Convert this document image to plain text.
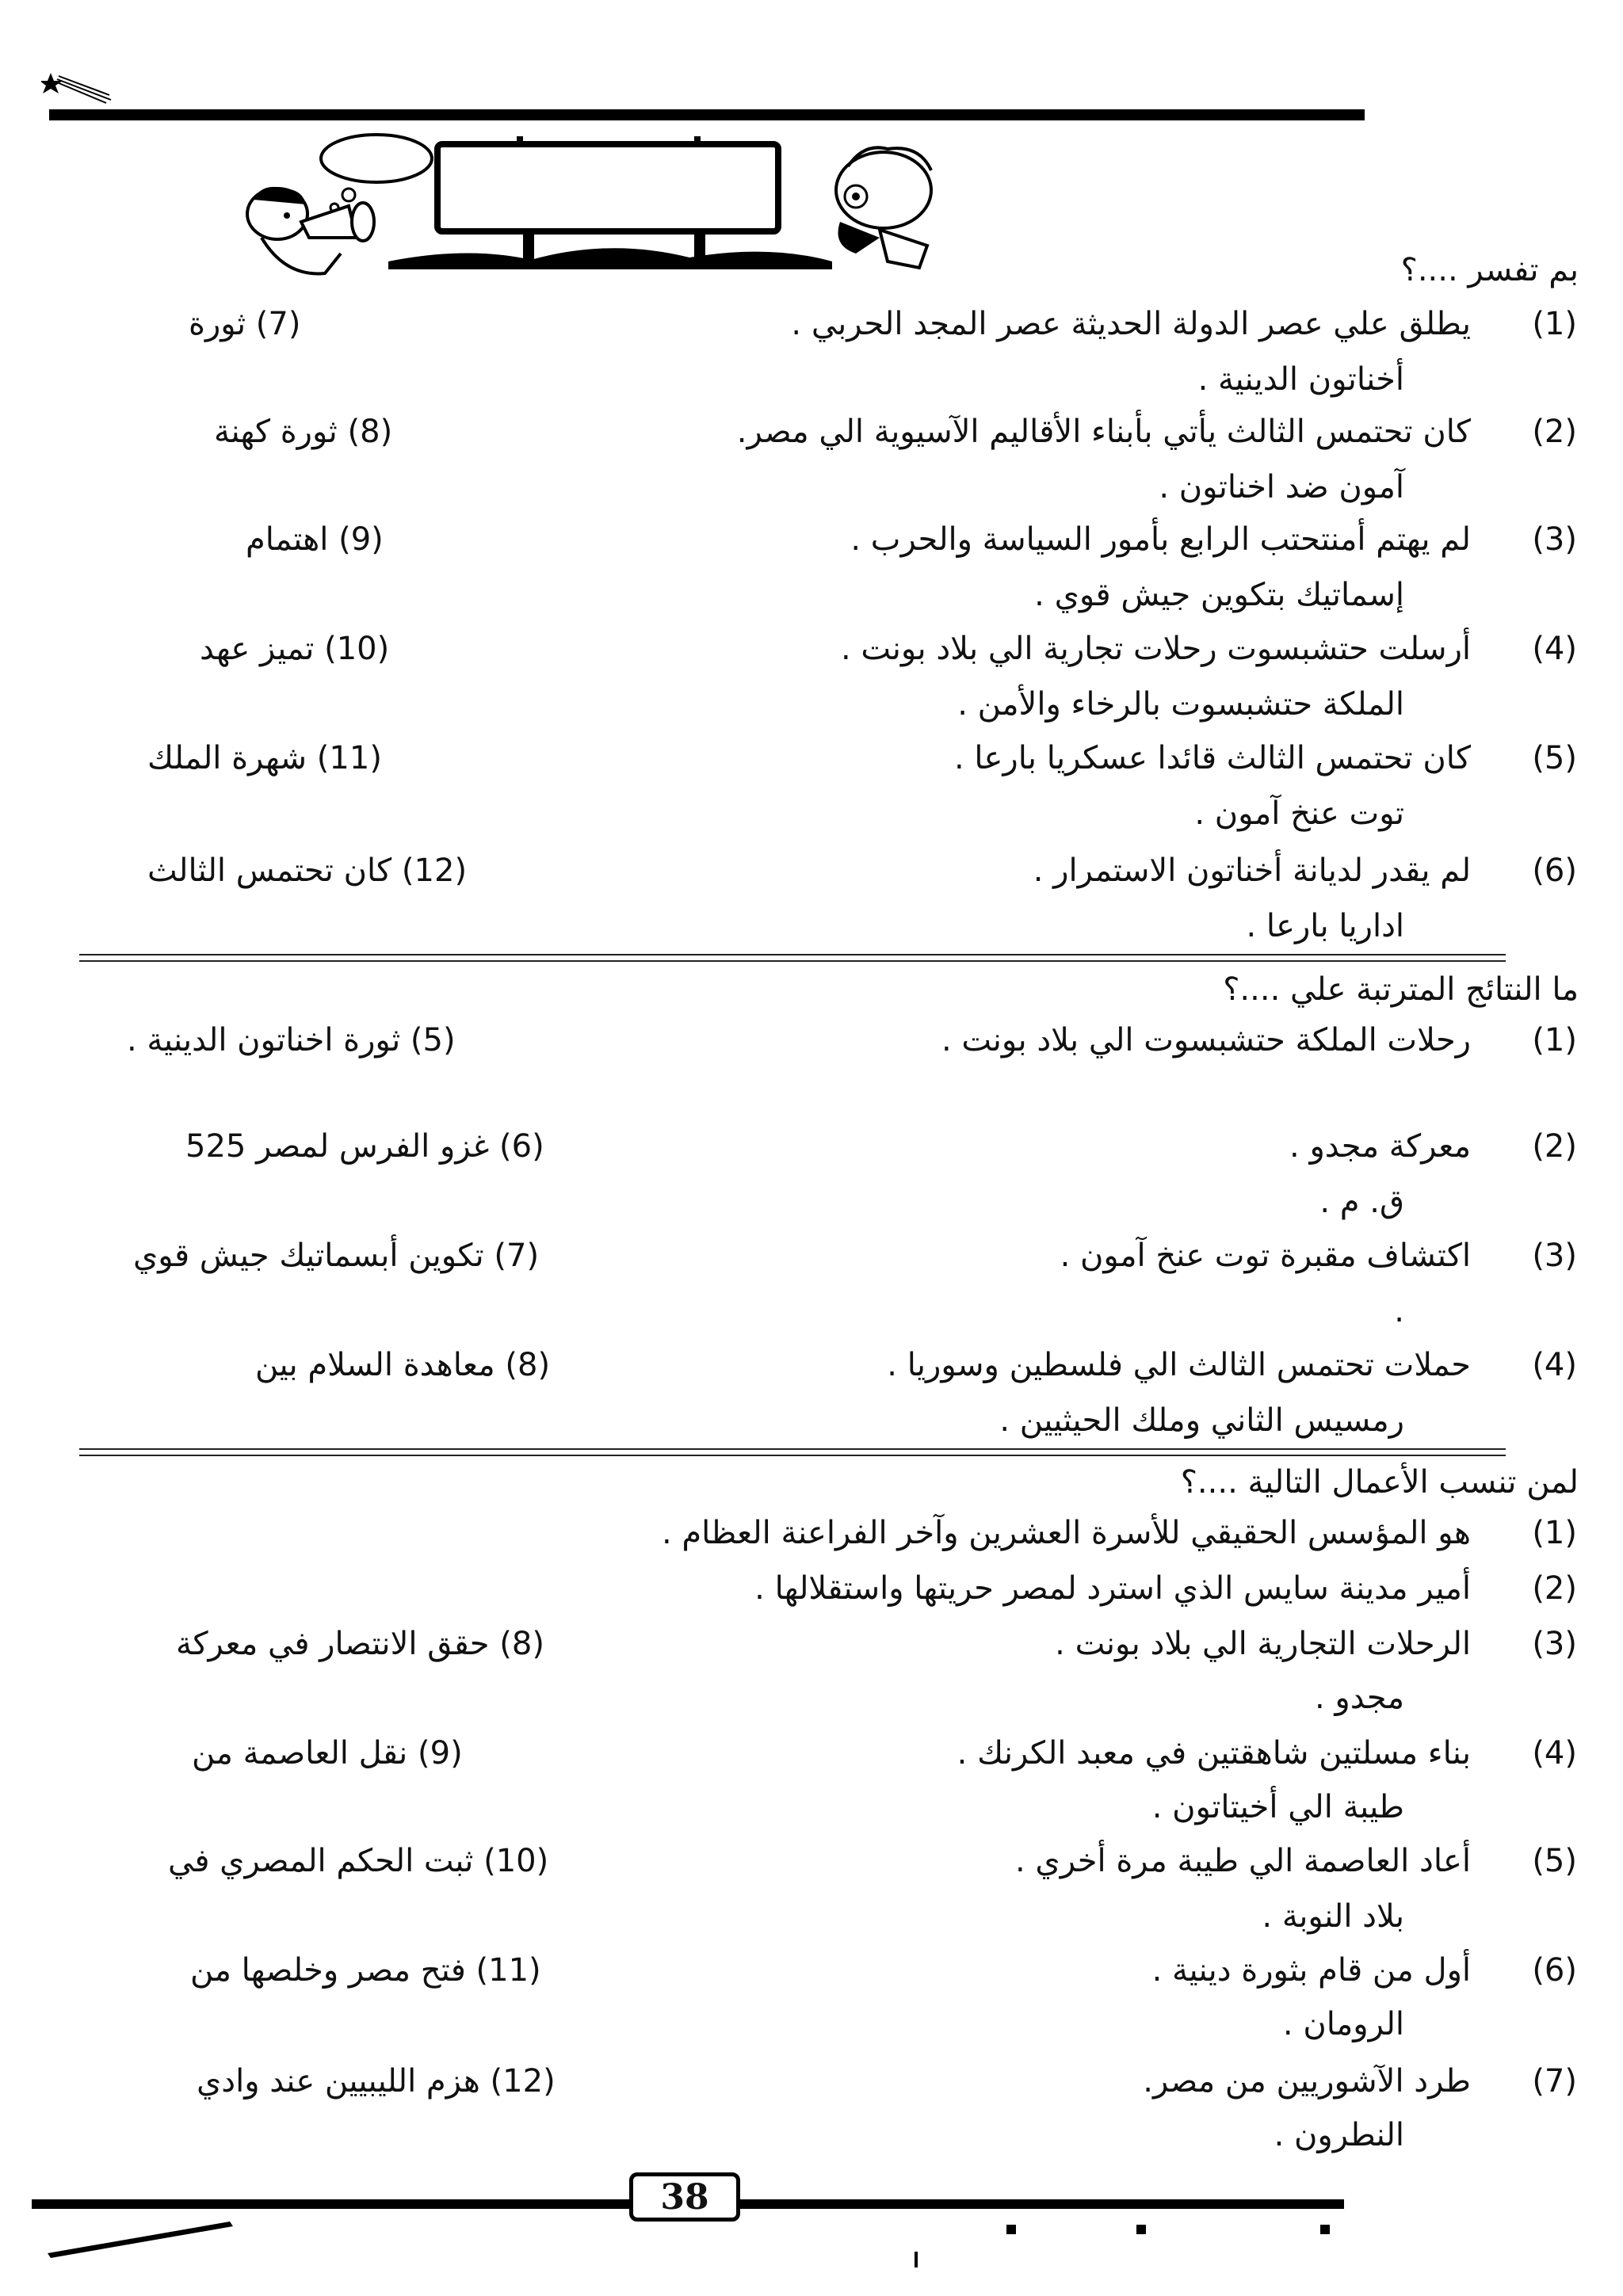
بم تفسر ....؟
(1)
يطلق علي عصر الدولة الحديثة عصر المجد الحربي .
(7) ثورة
أخناتون الدينية .
(2)
كان تحتمس الثالث يأتي بأبناء الأقاليم الآسيوية الي مصر.
(8) ثورة كهنة
آمون ضد اخناتون .
(3)
لم يهتم أمنتحتب الرابع بأمور السياسة والحرب .
(9) اهتمام
إسماتيك بتكوين جيش قوي .
(4)
أرسلت حتشبسوت رحلات تجارية الي بلاد بونت .
(10) تميز عهد
الملكة حتشبسوت بالرخاء والأمن .
(5)
كان تحتمس الثالث قائدا عسكريا بارعا .
(11) شهرة الملك
توت عنخ آمون .
(6)
لم يقدر لديانة أخناتون الاستمرار .
(12) كان تحتمس الثالث
اداريا بارعا .
ما النتائج المترتبة علي ....؟
(1)
رحلات الملكة حتشبسوت الي بلاد بونت .
(5) ثورة اخناتون الدينية .
(2)
معركة مجدو .
(6) غزو الفرس لمصر 525
ق. م .
(3)
اكتشاف مقبرة توت عنخ آمون .
(7) تكوين أبسماتيك جيش قوي
.
(4)
حملات تحتمس الثالث الي فلسطين وسوريا .
(8) معاهدة السلام بين
رمسيس الثاني وملك الحيثيين .
لمن تنسب الأعمال التالية ....؟
(1)
هو المؤسس الحقيقي للأسرة العشرين وآخر الفراعنة العظام .
(2)
أمير مدينة سايس الذي استرد لمصر حريتها واستقلالها .
(3)
الرحلات التجارية الي بلاد بونت .
(8) حقق الانتصار في معركة
مجدو .
(4)
بناء مسلتين شاهقتين في معبد الكرنك .
(9) نقل العاصمة من
طيبة الي أخيتاتون .
(5)
أعاد العاصمة الي طيبة مرة أخري .
(10) ثبت الحكم المصري في
بلاد النوبة .
(6)
أول من قام بثورة دينية .
(11) فتح مصر وخلصها من
الرومان .
(7)
طرد الآشوريين من مصر.
(12) هزم الليبيين عند وادي
النطرون .
38
